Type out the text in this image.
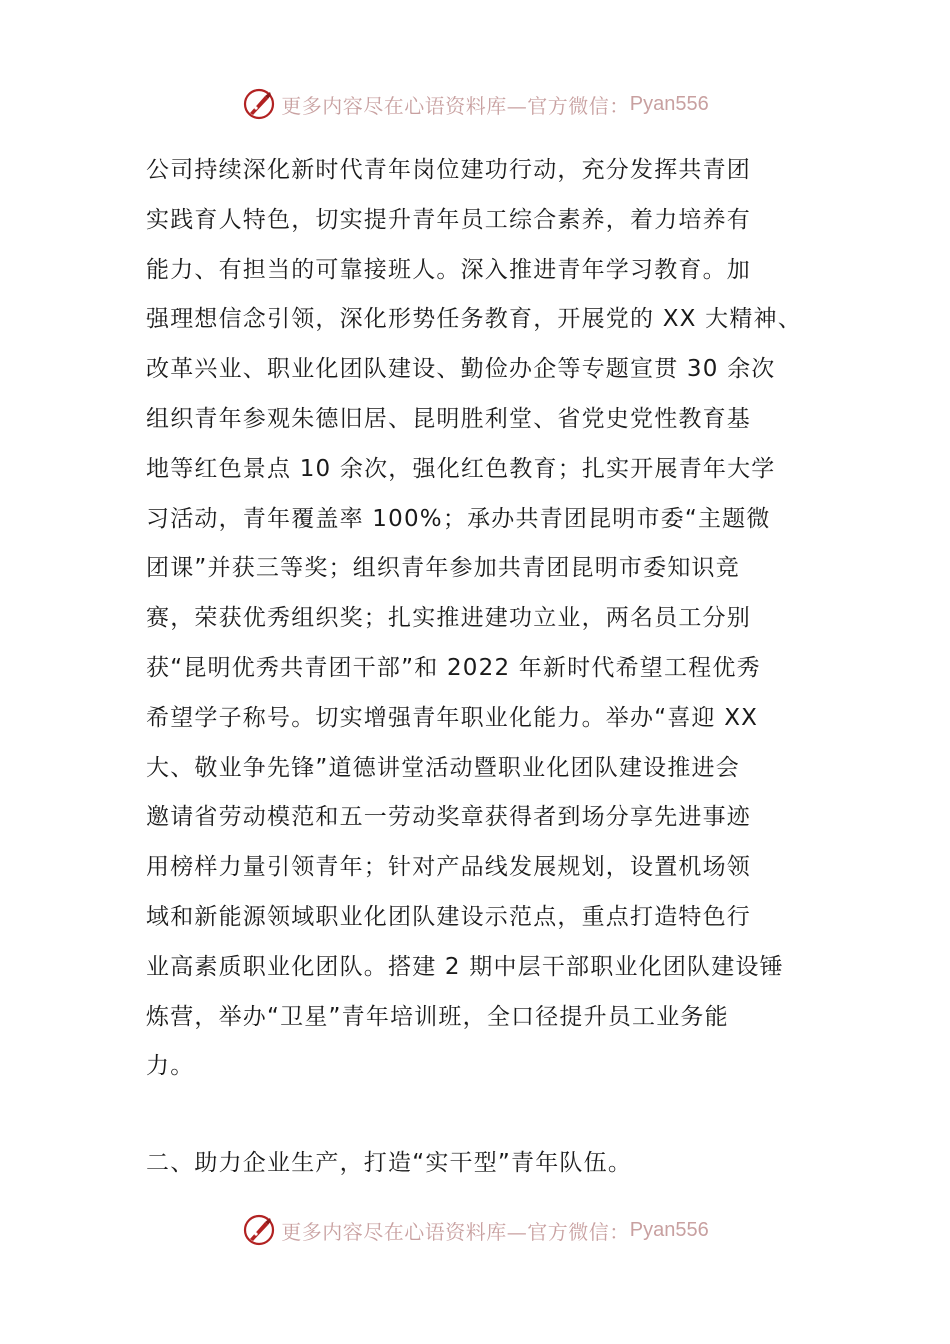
更多内容尽在心语资料库—官方微信： Pyan556

公司持续深化新时代青年岗位建功行动，充分发挥共青团
实践育人特色，切实提升青年员工综合素养，着力培养有
能力、有担当的可靠接班人。深入推进青年学习教育。加
强理想信念引领，深化形势任务教育，开展党的 XX 大精神、
改革兴业、职业化团队建设、勤俭办企等专题宣贯 30 余次
组织青年参观朱德旧居、昆明胜利堂、省党史党性教育基
地等红色景点 10 余次，强化红色教育；扎实开展青年大学
习活动，青年覆盖率 100%；承办共青团昆明市委“主题微
团课”并获三等奖；组织青年参加共青团昆明市委知识竞
赛，荣获优秀组织奖；扎实推进建功立业，两名员工分别
获“昆明优秀共青团干部”和 2022 年新时代希望工程优秀
希望学子称号。切实增强青年职业化能力。举办“喜迎 XX
大、敬业争先锋”道德讲堂活动暨职业化团队建设推进会
邀请省劳动模范和五一劳动奖章获得者到场分享先进事迹
用榜样力量引领青年；针对产品线发展规划，设置机场领
域和新能源领域职业化团队建设示范点，重点打造特色行
业高素质职业化团队。搭建 2 期中层干部职业化团队建设锤
炼营，举办“卫星”青年培训班，全口径提升员工业务能
力。

二、助力企业生产，打造“实干型”青年队伍。

更多内容尽在心语资料库—官方微信： Pyan556
